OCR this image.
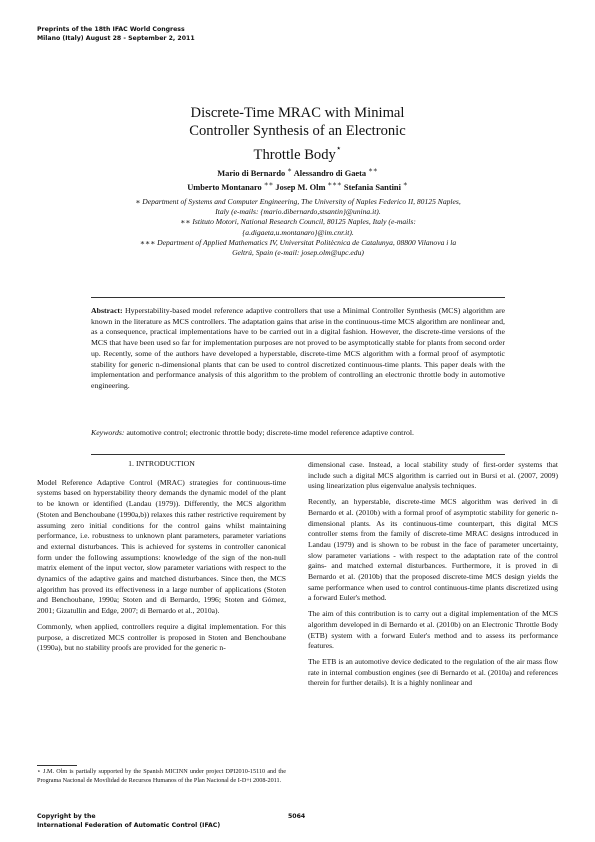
Preprints of the 18th IFAC World Congress
Milano (Italy) August 28 - September 2, 2011
Discrete-Time MRAC with Minimal
Controller Synthesis of an Electronic
Throttle Body⋆
Mario di Bernardo ∗ Alessandro di Gaeta ∗∗
Umberto Montanaro ∗∗ Josep M. Olm ∗∗∗ Stefania Santini ∗
∗ Department of Systems and Computer Engineering, The University of Naples Federico II, 80125 Naples, Italy (e-mails: {mario.dibernardo,stsantin}@unina.it).
∗∗ Istituto Motori, National Research Council, 80125 Naples, Italy (e-mails: {a.digaeta,u.montanaro}@im.cnr.it).
∗∗∗ Department of Applied Mathematics IV, Universitat Politècnica de Catalunya, 08800 Vilanova i la Geltrú, Spain (e-mail: josep.olm@upc.edu)
Abstract: Hyperstability-based model reference adaptive controllers that use a Minimal Controller Synthesis (MCS) algorithm are known in the literature as MCS controllers. The adaptation gains that arise in the continuous-time MCS algorithm are nonlinear and, as a consequence, practical implementations have to be carried out in a digital fashion. However, the discrete-time versions of the MCS that have been used so far for implementation purposes are not proved to be asymptotically stable for plants from second order up. Recently, some of the authors have developed a hyperstable, discrete-time MCS algorithm with a formal proof of asymptotic stability for generic n-dimensional plants that can be used to control discretized continuous-time plants. This paper deals with the implementation and performance analysis of this algorithm to the problem of controlling an electronic throttle body in automotive engineering.
Keywords: automotive control; electronic throttle body; discrete-time model reference adaptive control.
1. INTRODUCTION

Model Reference Adaptive Control (MRAC) strategies for continuous-time systems based on hyperstability theory demands the dynamic model of the plant to be known or identified (Landau (1979)). Differently, the MCS algorithm (Stoten and Benchoubane (1990a,b)) relaxes this rather restrictive requirement by assuming zero initial conditions for the control gains whilst maintaining performance, i.e. robustness to unknown plant parameters, parameter variations and external disturbances. This is achieved for systems in controller canonical form under the following assumptions: knowledge of the sign of the non-null matrix element of the input vector, slow parameter variations with respect to the dynamics of the adaptive gains and matched disturbances. Since then, the MCS algorithm has proved its effectiveness in a large number of applications (Stoten and Benchoubane, 1990a; Stoten and di Bernardo, 1996; Stoten and Gómez, 2001; Gizatullin and Edge, 2007; di Bernardo et al., 2010a).

Commonly, when applied, controllers require a digital implementation. For this purpose, a discretized MCS controller is proposed in Stoten and Benchoubane (1990a), but no stability proofs are provided for the generic n-

dimensional case. Instead, a local stability study of first-order systems that include such a digital MCS algorithm is carried out in Bursi et al. (2007, 2009) using linearization plus eigenvalue analysis techniques.

Recently, an hyperstable, discrete-time MCS algorithm was derived in di Bernardo et al. (2010b) with a formal proof of asymptotic stability for generic n-dimensional plants. As its continuous-time counterpart, this digital MCS controller stems from the family of discrete-time MRAC designs introduced in Landau (1979) and is shown to be robust in the face of parameter uncertainty, slow parameter variations - with respect to the adaptation rate of the control gains- and matched external disturbances. Furthermore, it is proved in di Bernardo et al. (2010b) that the proposed discrete-time MCS design yields the same performance when used to control continuous-time plants discretized using a forward Euler's method.

The aim of this contribution is to carry out a digital implementation of the MCS algorithm developed in di Bernardo et al. (2010b) on an Electronic Throttle Body (ETB) system with a forward Euler's method and to assess its performance features.

The ETB is an automotive device dedicated to the regulation of the air mass flow rate in internal combustion engines (see di Bernardo et al. (2010a) and references therein for further details). It is a highly nonlinear and

⋆ J.M. Olm is partially supported by the Spanish MICINN under project DPI2010-15110 and the Programa Nacional de Movilidad de Recursos Humanos of the Plan Nacional de I-D+i 2008-2011.
Copyright by the
International Federation of Automatic Control (IFAC)
5064
